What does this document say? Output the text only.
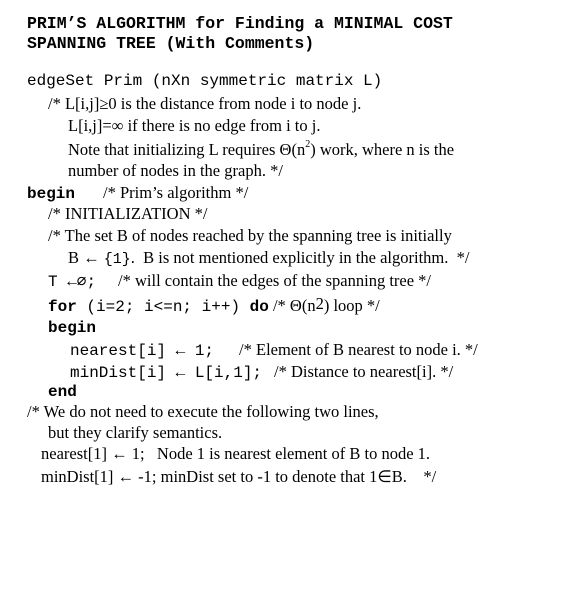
PRIM’S ALGORITHM for Finding a MINIMAL COST
SPANNING TREE (With Comments)
edgeSet Prim (nXn symmetric matrix L)
/* L[i,j]≥0 is the distance from node i to node j.
L[i,j]=∞ if there is no edge from i to j.
Note that initializing L requires $\Theta(n^2)$ work, where n is the
number of nodes in the graph. */
begin /* Prim’s algorithm */
/* INITIALIZATION */
/* The set B of nodes reached by the spanning tree is initially
B ← {1}.  B is not mentioned explicitly in the algorithm.  */
T ←∅; /* will contain the edges of the spanning tree */
for (i=2; i<=n; i++) do /* $\Theta(n^2)$ loop */
begin
nearest[i] ← 1; /* Element of B nearest to node i. */
minDist[i] ← L[i,1]; /* Distance to nearest[i]. */
end
/* We do not need to execute the following two lines,
but they clarify semantics.
nearest[1] ← 1;   Node 1 is nearest element of B to node 1.
minDist[1] ← -1; minDist set to -1 to denote that 1∈B.    */
